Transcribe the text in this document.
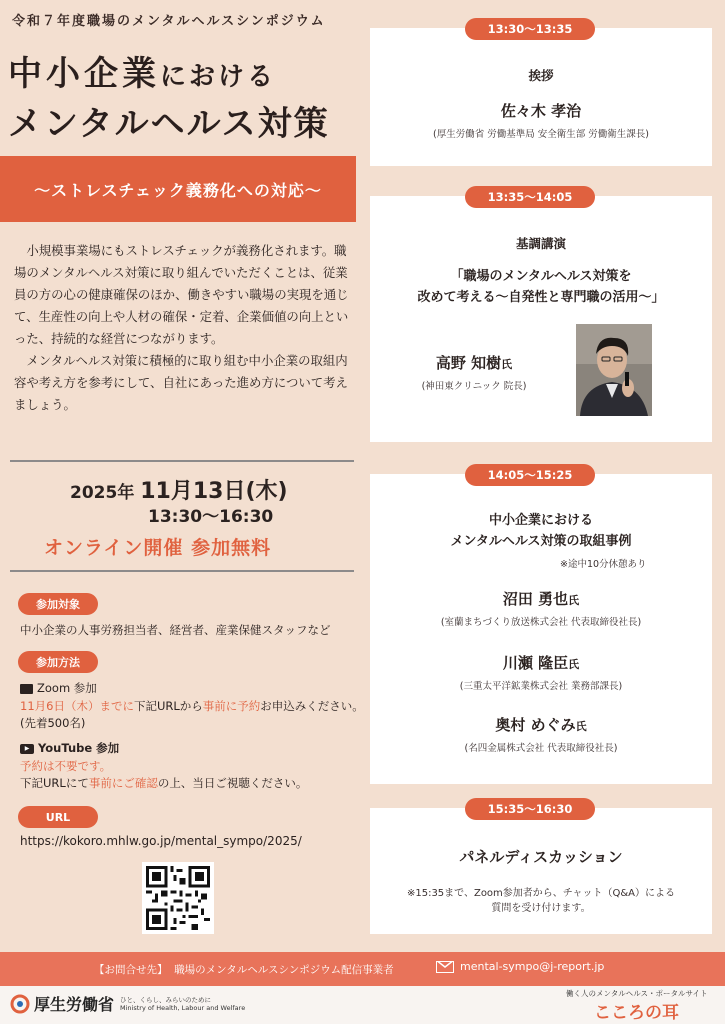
令和７年度職場のメンタルヘルスシンポジウム
中小企業における
メンタルヘルス対策
〜ストレスチェック義務化への対応〜

小規模事業場にもストレスチェックが義務化されます。職場のメンタルヘルス対策に取り組んでいただくことは、従業員の方の心の健康確保のほか、働きやすい職場の実現を通じて、生産性の向上や人材の確保・定着、企業価値の向上といった、持続的な経営につながります。

メンタルヘルス対策に積極的に取り組む中小企業の取組内容や考え方を参考にして、自社にあった進め方について考えましょう。

2025年 11月13日(木)
13:30〜16:30
オンライン開催 参加無料
参加対象
中小企業の人事労務担当者、経営者、産業保健スタッフなど
参加方法
Zoom 参加
11月6日（木）までに下記URLから事前に予約お申込みください。
(先着500名)
▶ YouTube 参加
予約は不要です。
下記URLにて事前にご確認の上、当日ご視聴ください。
URL
https://kokoro.mhlw.go.jp/mental_sympo/2025/
13:30〜13:35
挨拶
佐々木 孝治
(厚生労働省 労働基準局 安全衛生部 労働衛生課長)
13:35〜14:05
基調講演
「職場のメンタルヘルス対策を
改めて考える〜自発性と専門職の活用〜」
高野 知樹氏
(神田東クリニック 院長)
14:05〜15:25
中小企業における
メンタルヘルス対策の取組事例
※途中10分休憩あり
沼田 勇也氏
(室蘭まちづくり放送株式会社 代表取締役社長)
川瀬 隆臣氏
(三重太平洋鉱業株式会社 業務部課長)
奥村 めぐみ氏
(名四金属株式会社 代表取締役社長)
15:35〜16:30
パネルディスカッション
※15:35まで、Zoom参加者から、チャット（Q&A）による
質問を受け付けます。
【お問合せ先】 職場のメンタルヘルスシンポジウム配信事業者	mental-sympo@j-report.jp
厚生労働省 ひと、くらし、みらいのために
Ministry of Health, Labour and Welfare
働く人のメンタルヘルス・ポータルサイト
こころの耳
